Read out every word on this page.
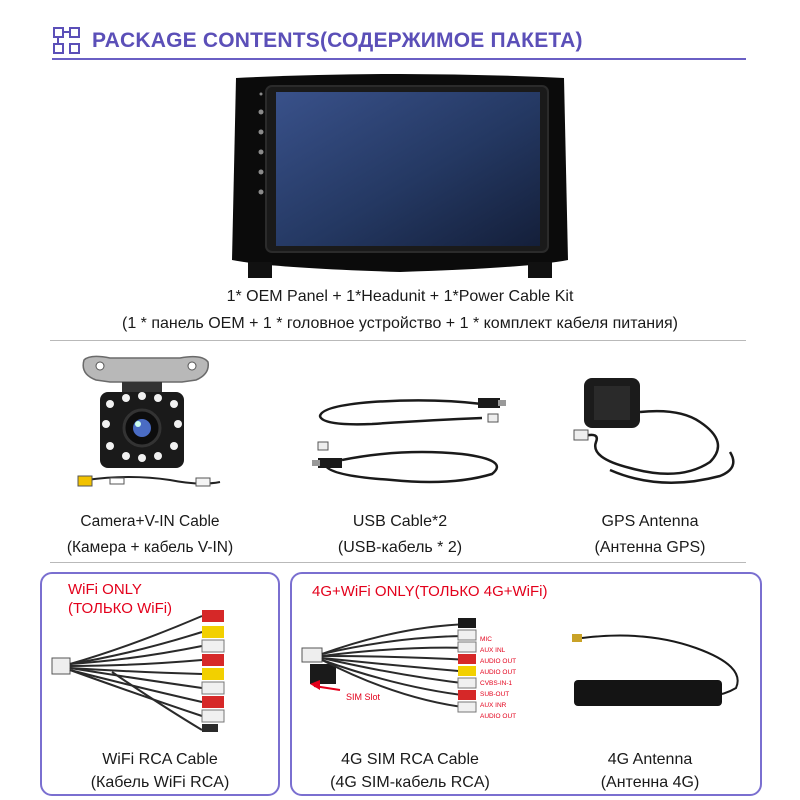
PACKAGE CONTENTS(СОДЕРЖИМОЕ ПАКЕТА)
1* OEM Panel + 1*Headunit + 1*Power Cable Kit
(1 * панель OEM + 1 * головное устройство + 1 * комплект кабеля питания)
Camera+V-IN Cable
(Камера + кабель V-IN)
USB Cable*2
(USB-кабель * 2)
GPS Antenna
(Антенна GPS)
WiFi ONLY
(ТОЛЬКО WiFi)
WiFi RCA Cable
(Кабель WiFi RCA)
4G+WiFi ONLY(ТОЛЬКО 4G+WiFi)
SIM Slot
MIC
AUX INL
AUDIO OUT
AUDIO OUT
CVBS-IN-1
SUB-OUT
AUX INR
AUDIO OUT
4G SIM RCA Cable
(4G SIM-кабель RCA)
4G Antenna
(Антенна 4G)
